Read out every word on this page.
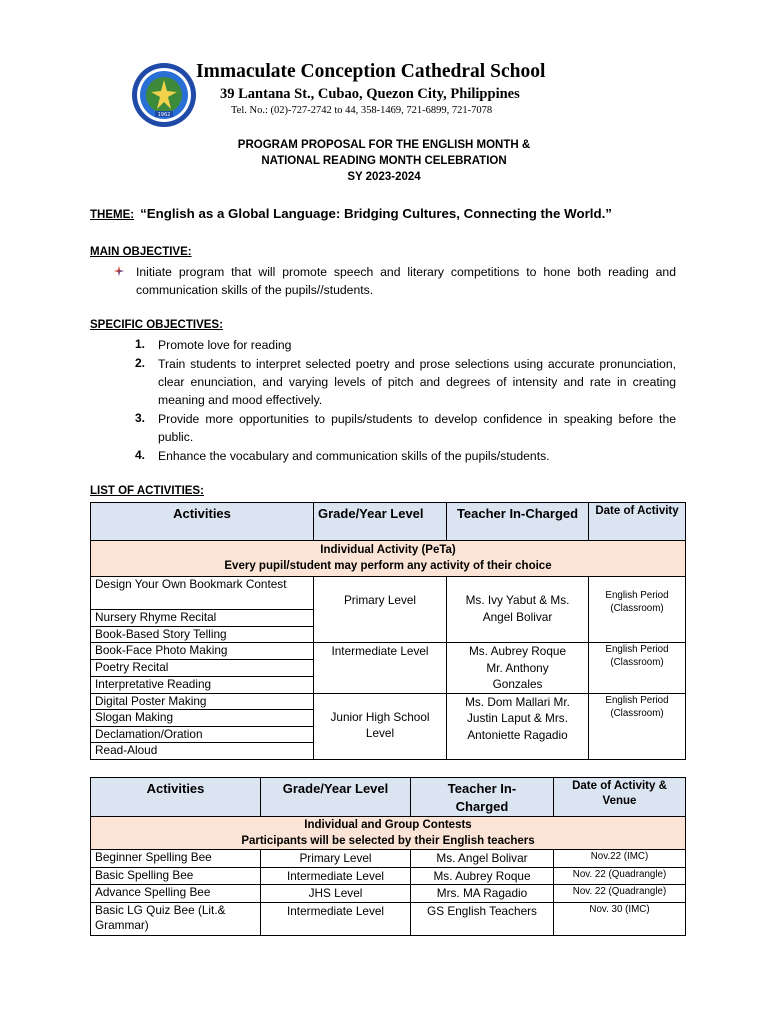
1962
Immaculate Conception Cathedral School
39 Lantana St., Cubao, Quezon City, Philippines
Tel. No.: (02)-727-2742 to 44, 358-1469, 721-6899, 721-7078
PROGRAM PROPOSAL FOR THE ENGLISH MONTH &
NATIONAL READING MONTH CELEBRATION
SY 2023-2024
THEME: “English as a Global Language: Bridging Cultures, Connecting the World.”
MAIN OBJECTIVE:
Initiate program that will promote speech and literary competitions to hone both reading and communication skills of the pupils//students.
SPECIFIC OBJECTIVES:
1. Promote love for reading
2. Train students to interpret selected poetry and prose selections using accurate pronunciation, clear enunciation, and varying levels of pitch and degrees of intensity and rate in creating meaning and mood effectively.
3. Provide more opportunities to pupils/students to develop confidence in speaking before the public.
4. Enhance the vocabulary and communication skills of the pupils/students.
LIST OF ACTIVITIES:
Activities	Grade/Year Level	Teacher In-Charged	Date of Activity

Individual Activity (PeTa)
Every pupil/student may perform any activity of their choice			

Design Your Own Bookmark Contest	Primary Level	Ms. Ivy Yabut & Ms. Angel Bolivar	English Period (Classroom)
Nursery Rhyme Recital			
Book-Based Story Telling			
Book-Face Photo Making	Intermediate Level	Ms. Aubrey Roque Mr. Anthony Gonzales	English Period (Classroom)
Poetry Recital			
Interpretative Reading			
Digital Poster Making	Junior High School Level	Ms. Dom Mallari Mr. Justin Laput & Mrs. Antoniette Ragadio	English Period (Classroom)
Slogan Making			
Declamation/Oration			
Read-Aloud			
Activities	Grade/Year Level	Teacher In-Charged	Date of Activity & Venue

Individual and Group Contests
Participants will be selected by their English teachers			

Beginner Spelling Bee	Primary Level	Ms. Angel Bolivar	Nov.22 (IMC)
Basic Spelling Bee	Intermediate Level	Ms. Aubrey Roque	Nov. 22 (Quadrangle)
Advance Spelling Bee	JHS Level	Mrs. MA Ragadio	Nov. 22 (Quadrangle)
Basic LG Quiz Bee (Lit.& Grammar)	Intermediate Level	GS English Teachers	Nov. 30 (IMC)
